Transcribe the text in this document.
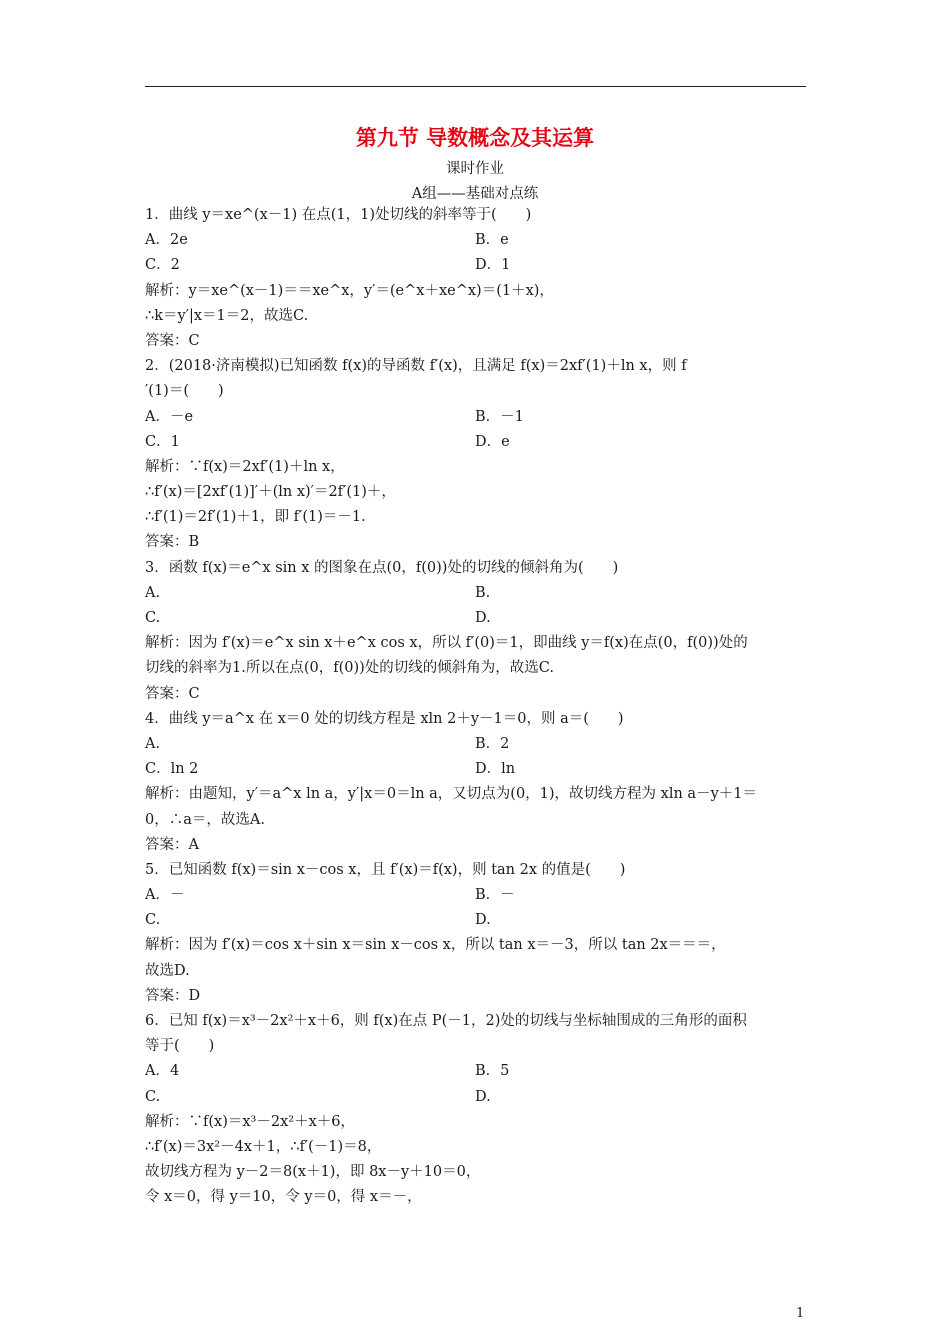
第九节 导数概念及其运算
课时作业
A组——基础对点练
1．曲线 y＝xe^(x－1) 在点(1，1)处切线的斜率等于(　　)
A．2e	B．e
C．2	D．1
解析：y＝xe^(x－1)＝＝xe^x，y′＝(e^x＋xe^x)＝(1＋x)，
∴k＝y′|x＝1＝2，故选C.
答案：C
2．(2018·济南模拟)已知函数 f(x)的导函数 f′(x)，且满足 f(x)＝2xf′(1)＋ln x，则 f
′(1)＝(　　)
A．－e	B．－1
C．1	D．e
解析：∵f(x)＝2xf′(1)＋ln x，
∴f′(x)＝[2xf′(1)]′＋(ln x)′＝2f′(1)＋，
∴f′(1)＝2f′(1)＋1，即 f′(1)＝－1.
答案：B
3．函数 f(x)＝e^x sin x 的图象在点(0，f(0))处的切线的倾斜角为(　　)
A.	B.
C.	D.
解析：因为 f′(x)＝e^x sin x＋e^x cos x，所以 f′(0)＝1，即曲线 y＝f(x)在点(0，f(0))处的
切线的斜率为1.所以在点(0，f(0))处的切线的倾斜角为，故选C.
答案：C
4．曲线 y＝a^x 在 x＝0 处的切线方程是 xln 2＋y－1＝0，则 a＝(　　)
A.	B．2
C．ln 2	D．ln
解析：由题知，y′＝a^x ln a，y′|x＝0＝ln a，又切点为(0，1)，故切线方程为 xln a－y＋1＝
0，∴a＝，故选A.
答案：A
5．已知函数 f(x)＝sin x－cos x，且 f′(x)＝f(x)，则 tan 2x 的值是(　　)
A．－	B．－
C.	D.
解析：因为 f′(x)＝cos x＋sin x＝sin x－cos x，所以 tan x＝－3，所以 tan 2x＝＝＝，
故选D.
答案：D
6．已知 f(x)＝x³－2x²＋x＋6，则 f(x)在点 P(－1，2)处的切线与坐标轴围成的三角形的面积
等于(　　)
A．4	B．5
C.	D.
解析：∵f(x)＝x³－2x²＋x＋6，
∴f′(x)＝3x²－4x＋1，∴f′(－1)＝8，
故切线方程为 y－2＝8(x＋1)，即 8x－y＋10＝0，
令 x＝0，得 y＝10，令 y＝0，得 x＝－，
1
